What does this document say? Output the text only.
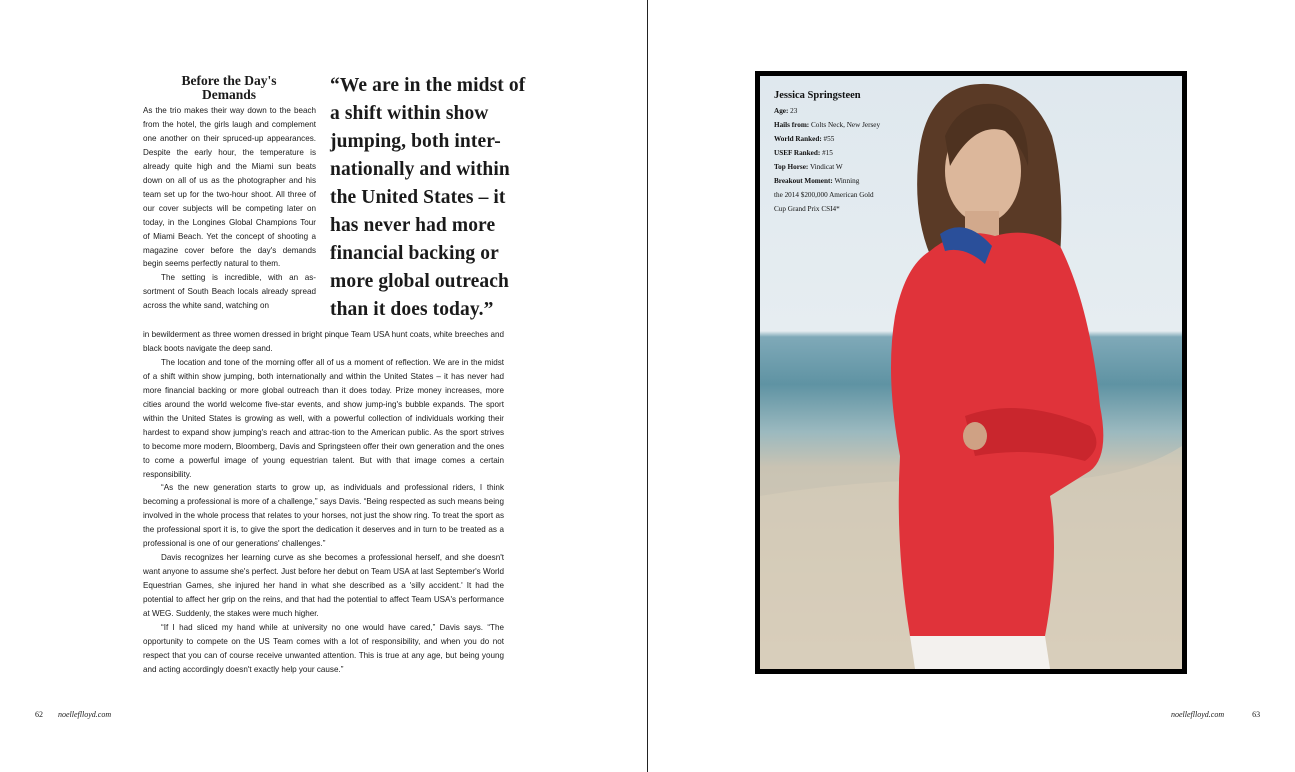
Before the Day's Demands

As the trio makes their way down to the beach from the hotel, the girls laugh and complement one another on their spruced-up appearances. Despite the early hour, the temperature is already quite high and the Miami sun beats down on all of us as the photographer and his team set up for the two-hour shoot. All three of our cover subjects will be competing later on today, in the Longines Global Champions Tour of Miami Beach. Yet the concept of shooting a magazine cover before the day's demands begin seems perfectly natural to them.

The setting is incredible, with an as-sortment of South Beach locals already spread across the white sand, watching on

“We are in the midst of a shift within show jumping, both inter-nationally and within the United States – it has never had more financial backing or more global outreach than it does today.”

in bewilderment as three women dressed in bright pinque Team USA hunt coats, white breeches and black boots navigate the deep sand.

The location and tone of the morning offer all of us a moment of reflection. We are in the midst of a shift within show jumping, both internationally and within the United States – it has never had more financial backing or more global outreach than it does today. Prize money increases, more cities around the world welcome five-star events, and show jump-ing's bubble expands. The sport within the United States is growing as well, with a powerful collection of individuals working their hardest to expand show jumping's reach and attrac-tion to the American public. As the sport strives to become more modern, Bloomberg, Davis and Springsteen offer their own generation and the ones to come a powerful image of young equestrian talent. But with that image comes a certain responsibility.

“As the new generation starts to grow up, as individuals and professional riders, I think becoming a professional is more of a challenge,” says Davis. “Being respected as such means being involved in the whole process that relates to your horses, not just the show ring. To treat the sport as the professional sport it is, to give the sport the dedication it deserves and in turn to be treated as a professional is one of our generations' challenges.”

Davis recognizes her learning curve as she becomes a professional herself, and she doesn't want anyone to assume she's perfect. Just before her debut on Team USA at last September's World Equestrian Games, she injured her hand in what she described as a 'silly accident.' It had the potential to affect her grip on the reins, and that had the potential to affect Team USA's performance at WEG. Suddenly, the stakes were much higher.

“If I had sliced my hand while at university no one would have cared,” Davis says. “The opportunity to compete on the US Team comes with a lot of responsibility, and when you do not respect that you can of course receive unwanted attention. This is true at any age, but being young and acting accordingly doesn't exactly help your cause.”

62 noelleflloyd.com	noelleflloyd.com	63
Jessica Springsteen
Age: 23
Hails from: Colts Neck, New Jersey
World Ranked: #55
USEF Ranked: #15
Top Horse: Vindicat W
Breakout Moment: Winning
the 2014 $200,000 American Gold
Cup Grand Prix CSI4*
